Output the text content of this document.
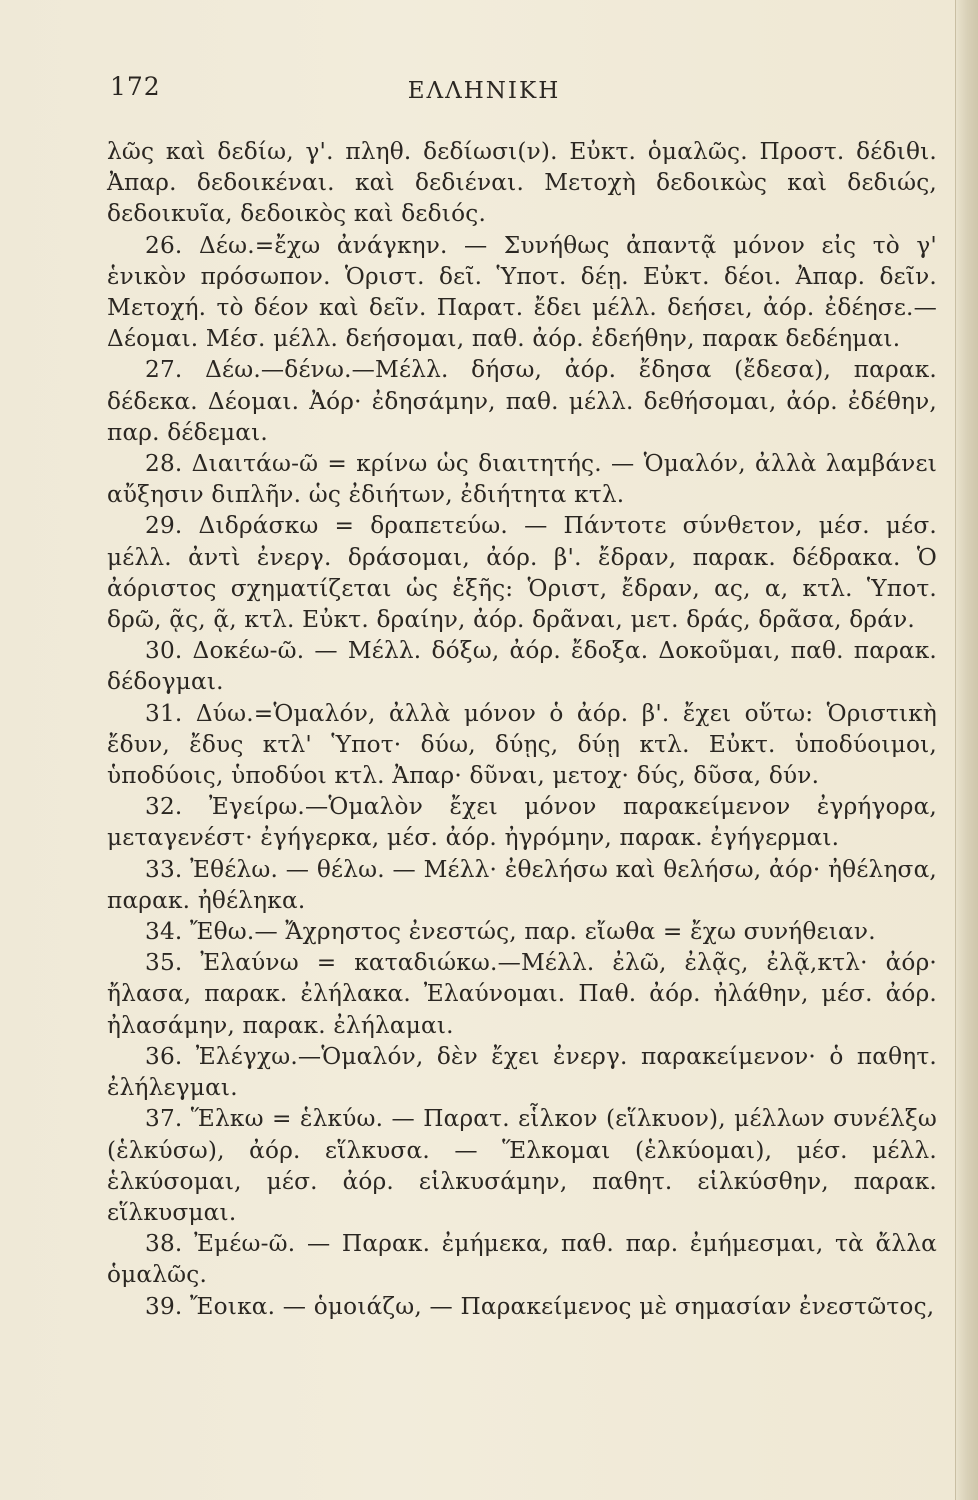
172	ΕΛΛΗΝΙΚΗ

λῶς καὶ δεδίω, γ'. πληθ. δεδίωσι(ν). Εὐκτ. ὁμαλῶς. Προστ. δέδιθι. Ἀπαρ. δεδοικέναι. καὶ δεδιέναι. Μετοχὴ δεδοικὼς καὶ δεδιώς, δεδοικυῖα, δεδοικὸς καὶ δεδιός.

26. Δέω.=ἔχω ἀνάγκην. — Συνήθως ἀπαντᾷ μόνον εἰς τὸ γ' ἑνικὸν πρόσωπον. Ὁριστ. δεῖ. Ὑποτ. δέῃ. Εὐκτ. δέοι. Ἀπαρ. δεῖν. Μετοχή. τὸ δέον καὶ δεῖν. Παρατ. ἔδει μέλλ. δεήσει, ἀόρ. ἐδέησε.—Δέομαι. Μέσ. μέλλ. δεήσομαι, παθ. ἀόρ. ἐδεήθην, παρακ δεδέημαι.

27. Δέω.—δένω.—Μέλλ. δήσω, ἀόρ. ἔδησα (ἔδεσα), παρακ. δέδεκα. Δέομαι. Ἀόρ· ἐδησάμην, παθ. μέλλ. δεθήσομαι, ἀόρ. ἐδέθην, παρ. δέδεμαι.

28. Διαιτάω-ῶ = κρίνω ὡς διαιτητής. — Ὁμαλόν, ἀλλὰ λαμβάνει αὔξησιν διπλῆν. ὡς ἐδιήτων, ἐδιήτητα κτλ.

29. Διδράσκω = δραπετεύω. — Πάντοτε σύνθετον, μέσ. μέσ. μέλλ. ἀντὶ ἐνεργ. δράσομαι, ἀόρ. β'. ἔδραν, παρακ. δέδρακα. Ὁ ἀόριστος σχηματίζεται ὡς ἑξῆς: Ὁριστ, ἔδραν, ας, α, κτλ. Ὑποτ. δρῶ, ᾷς, ᾷ, κτλ. Εὐκτ. δραίην, ἀόρ. δρᾶναι, μετ. δράς, δρᾶσα, δράν.

30. Δοκέω-ῶ. — Μέλλ. δόξω, ἀόρ. ἔδοξα. Δοκοῦμαι, παθ. παρακ. δέδογμαι.

31. Δύω.=Ὁμαλόν, ἀλλὰ μόνον ὁ ἀόρ. β'. ἔχει οὕτω: Ὁριστικὴ ἔδυν, ἔδυς κτλ' Ὑποτ· δύω, δύῃς, δύῃ κτλ. Εὐκτ. ὑποδύοιμοι, ὑποδύοις, ὑποδύοι κτλ. Ἀπαρ· δῦναι, μετοχ· δύς, δῦσα, δύν.

32. Ἐγείρω.—Ὁμαλὸν ἔχει μόνον παρακείμενον ἐγρήγορα, μεταγενέστ· ἐγήγερκα, μέσ. ἀόρ. ἠγρόμην, παρακ. ἐγήγερμαι.

33. Ἐθέλω. — θέλω. — Μέλλ· ἐθελήσω καὶ θελήσω, ἀόρ· ἠθέλησα, παρακ. ἠθέληκα.

34. Ἔθω.— Ἄχρηστος ἐνεστώς, παρ. εἴωθα = ἔχω συνήθειαν.

35. Ἐλαύνω = καταδιώκω.—Μέλλ. ἐλῶ, ἐλᾷς, ἐλᾷ,κτλ· ἀόρ· ἤλασα, παρακ. ἐλήλακα. Ἐλαύνομαι. Παθ. ἀόρ. ἠλάθην, μέσ. ἀόρ. ἠλασάμην, παρακ. ἐλήλαμαι.

36. Ἐλέγχω.—Ὁμαλόν, δὲν ἔχει ἐνεργ. παρακείμενον· ὁ παθητ. ἐλήλεγμαι.

37. Ἕλκω = ἑλκύω. — Παρατ. εἷλκον (εἵλκυον), μέλλων συνέλξω (ἑλκύσω), ἀόρ. εἵλκυσα. — Ἕλκομαι (ἑλκύομαι), μέσ. μέλλ. ἑλκύσομαι, μέσ. ἀόρ. εἱλκυσάμην, παθητ. εἱλκύσθην, παρακ. εἵλκυσμαι.

38. Ἐμέω-ῶ. — Παρακ. ἐμήμεκα, παθ. παρ. ἐμήμεσμαι, τὰ ἄλλα ὁμαλῶς.

39. Ἔοικα. — ὁμοιάζω, — Παρακείμενος μὲ σημασίαν ἐνεστῶτος,
